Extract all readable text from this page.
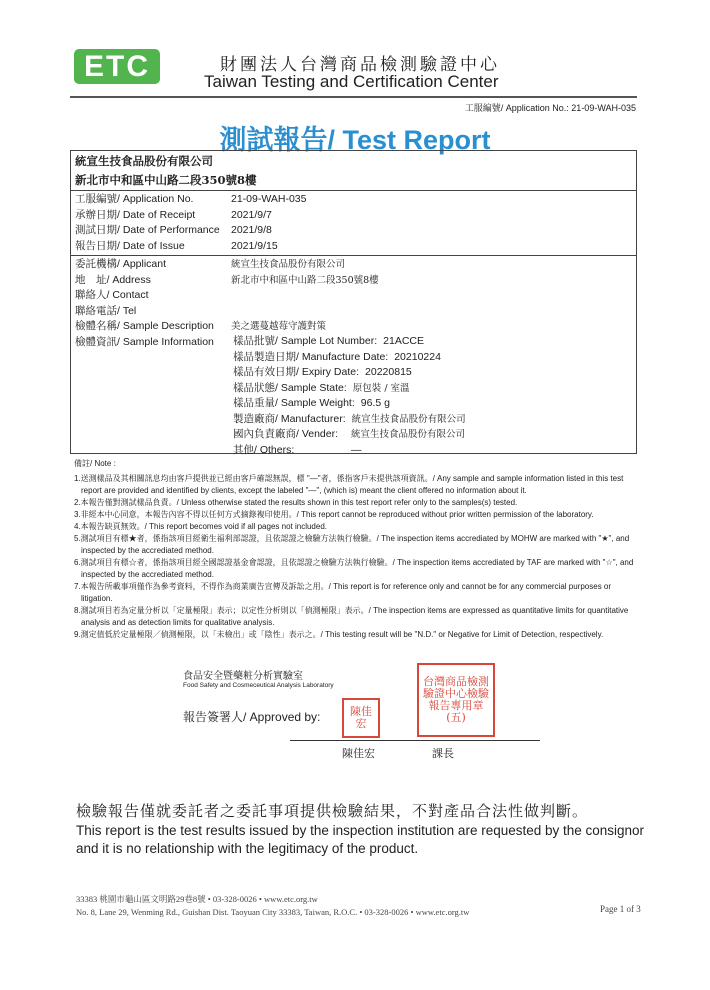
ETC	財團法人台灣商品檢測驗證中心
Taiwan Testing and Certification Center
工服編號/ Application No.: 21-09-WAH-035
測試報告/ Test Report
統宣生技食品股份有限公司
新北市中和區中山路二段350號8樓
工服編號/ Application No.	21-09-WAH-035
承辦日期/ Date of Receipt	2021/9/7
測試日期/ Date of Performance	2021/9/8
報告日期/ Date of Issue	2021/9/15
委託機構/ Applicant	統宣生技食品股份有限公司
地　址/ Address	新北市中和區中山路二段350號8樓
聯絡人/ Contact
聯絡電話/ Tel
檢體名稱/ Sample Description	美之選蔓越莓守護對策
檢體資訊/ Sample Information	樣品批號/ Sample Lot Number: 21ACCE
樣品製造日期/ Manufacture Date: 20210224
樣品有效日期/ Expiry Date: 20220815
樣品狀態/ Sample State: 原包裝 / 室溫
樣品重量/ Sample Weight: 96.5 g
製造廠商/ Manufacturer: 統宣生技食品股份有限公司
國內負責廠商/ Vender:	統宣生技食品股份有限公司
其他/ Others:	—
備註/ Note :
1.送測樣品及其相關訊息均由客戶提供並已經由客戶確認無誤，標 "—"者，係指客戶未提供該項資訊。/ Any sample and sample information listed in this test report are provided and identified by clients, except the labeled "—", (which is) meant the client offered no information about it.
2.本報告僅對測試樣品負責。/ Unless otherwise stated the results shown in this test report refer only to the samples(s) tested.
3.非經本中心同意，本報告內容不得以任何方式摘錄複印使用。/ This report cannot be reproduced without prior written permission of the laboratory.
4.本報告缺頁無效。/ This report becomes void if all pages not included.
5.測試項目有標★者，係指該項目經衛生福利部認證，且依認證之檢驗方法執行檢驗。/ The inspection items accrediated by MOHW are marked with "★", and inspected by the accrediated method.
6.測試項目有標☆者，係指該項目經全國認證基金會認證，且依認證之檢驗方法執行檢驗。/ The inspection items accrediated by TAF are marked with "☆", and inspected by the accrediated method.
7.本報告所載事項僅作為參考資料，不得作為商業廣告宣傳及訴訟之用。/ This report is for reference only and cannot be for any commercial purposes or litigation.
8.測試項目若為定量分析以「定量極限」表示；以定性分析則以「偵測極限」表示。/ The inspection items are expressed as quantitative limits for quantitative analysis and as detection limits for qualitative analysis.
9.測定值低於定量極限／偵測極限，以「未檢出」或「陰性」表示之。/ This testing result will be "N.D." or Negative for Limit of Detection, respectively.
食品安全暨藥粧分析實驗室
Food Safety and Cosmeceutical Analysis Laboratory
報告簽署人/ Approved by:	陳佳宏
台灣商品檢測驗證中心檢驗報告專用章(五)
陳佳宏	課長
檢驗報告僅就委託者之委託事項提供檢驗結果，不對產品合法性做判斷。
This report is the test results issued by the inspection institution are requested by the consignor and it is no relationship with the legitimacy of the product.
33383 桃園市龜山區文明路29巷8號 • 03-328-0026 • www.etc.org.tw
No. 8, Lane 29, Wenming Rd., Guishan Dist. Taoyuan City 33383, Taiwan, R.O.C. • 03-328-0026 • www.etc.org.tw	Page 1 of 3
